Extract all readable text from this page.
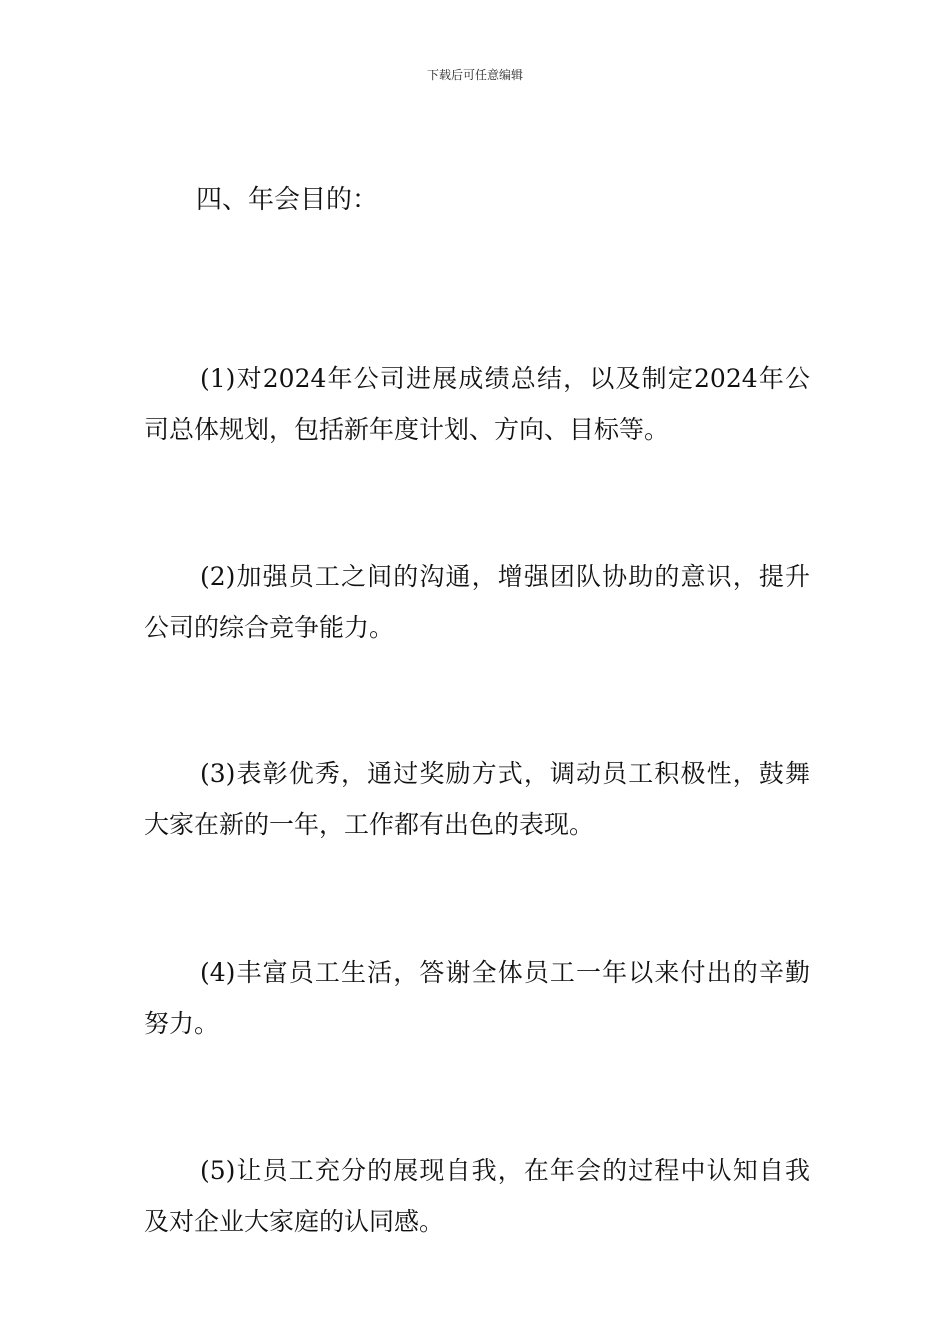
下载后可任意编辑
四、年会目的：

(1)对2024年公司进展成绩总结，以及制定2024年公司总体规划，包括新年度计划、方向、目标等。

(2)加强员工之间的沟通，增强团队协助的意识，提升公司的综合竞争能力。

(3)表彰优秀，通过奖励方式，调动员工积极性，鼓舞大家在新的一年，工作都有出色的表现。

(4)丰富员工生活，答谢全体员工一年以来付出的辛勤努力。

(5)让员工充分的展现自我，在年会的过程中认知自我及对企业大家庭的认同感。
